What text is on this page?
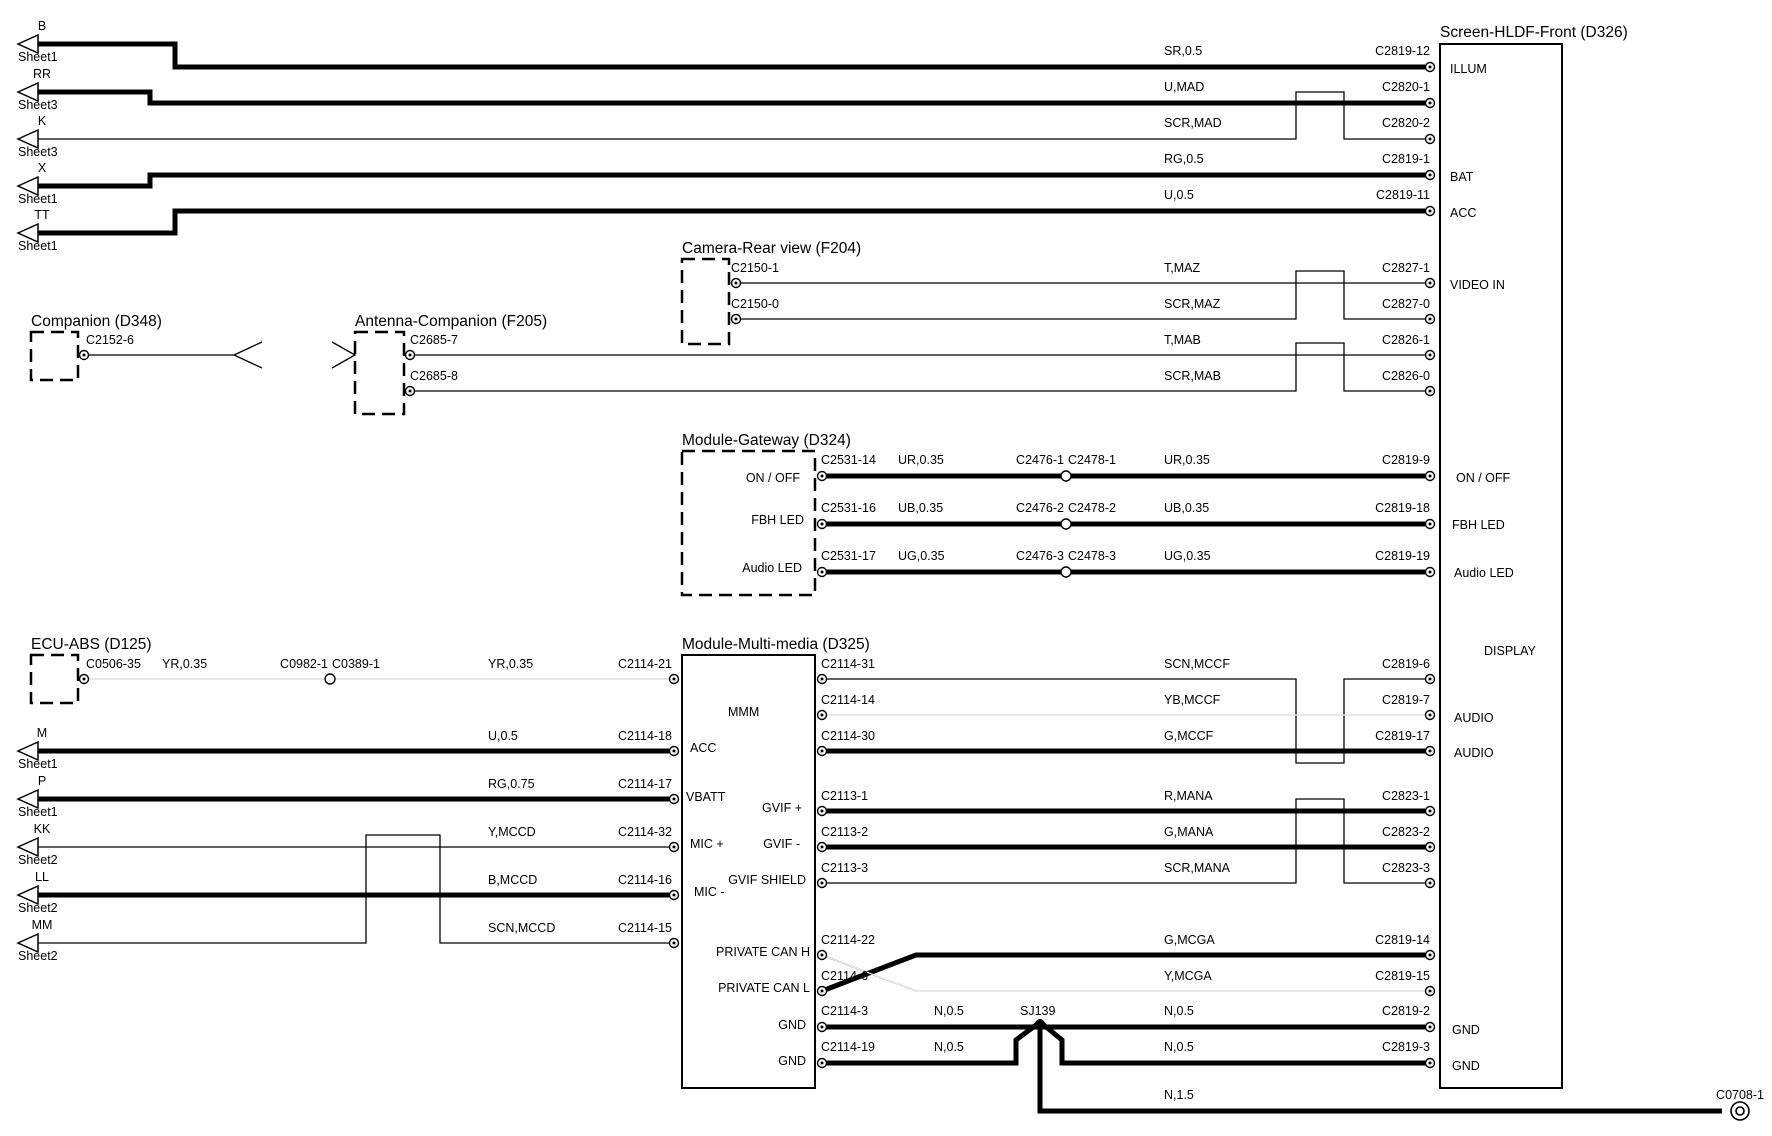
Screen-HLDF-Front (D326)
Camera-Rear view (F204)
Companion (D348)	Antenna-Companion (F205)
Module-Gateway (D324)
ECU-ABS (D125)	Module-Multi-media (D325)
ILLUM
BAT
ACC
VIDEO IN
ON / OFF
FBH LED
Audio LED
DISPLAY
AUDIO
AUDIO
GND
GND
ON / OFF
FBH LED
Audio LED
ACC
VBATT
MIC +
MIC -
MMM
GVIF +
GVIF -
GVIF SHIELD
PRIVATE CAN H
PRIVATE CAN L
GND
GND
SR,0.5	C2819-12
U,MAD	C2820-1
SCR,MAD	C2820-2
RG,0.5	C2819-1
U,0.5	C2819-11
C2150-1
C2150-0
T,MAZ	C2827-1
SCR,MAZ	C2827-0
C2152-6	C2685-7
C2685-8
T,MAB	C2826-1
SCR,MAB	C2826-0
C2531-14 UR,0.35	C2476-1 C2478-1	UR,0.35	C2819-9
C2531-16 UB,0.35	C2476-2 C2478-2	UB,0.35	C2819-18
C2531-17 UG,0.35	C2476-3 C2478-3	UG,0.35	C2819-19
C0506-35 YR,0.35	C0982-1 C0389-1	YR,0.35	C2114-21
U,0.5	C2114-18
RG,0.75	C2114-17
Y,MCCD	C2114-32
B,MCCD	C2114-16
SCN,MCCD	C2114-15
C2114-31	SCN,MCCF	C2819-6
C2114-14	YB,MCCF	C2819-7
C2114-30	G,MCCF	C2819-17
C2113-1	R,MANA	C2823-1
C2113-2	G,MANA	C2823-2
C2113-3	SCR,MANA	C2823-3
C2114-22	G,MCGA	C2819-14
C2114-6	Y,MCGA	C2819-15
C2114-3	N,0.5	N,0.5	C2819-2
C2114-19	N,0.5	N,0.5	C2819-3
SJ139
N,1.5	C0708-1
B
Sheet1
RR
Sheet3
K
Sheet3
X
Sheet1
TT
Sheet1
M
Sheet1
P
Sheet1
KK
Sheet2
LL
Sheet2
MM
Sheet2
